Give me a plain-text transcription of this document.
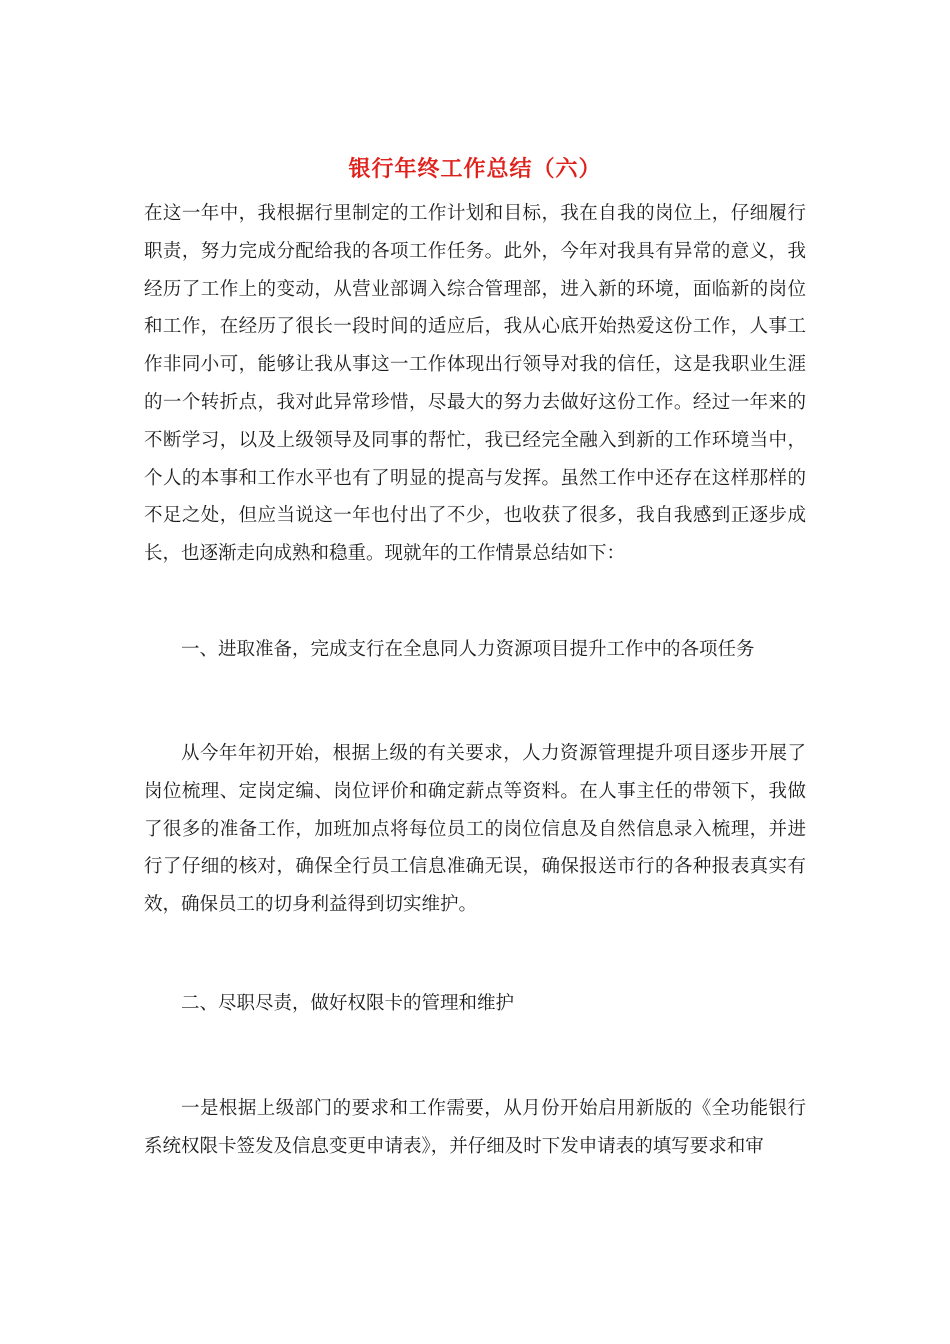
银行年终工作总结（六）

在这一年中，我根据行里制定的工作计划和目标，我在自我的岗位上，仔细履行职责，努力完成分配给我的各项工作任务。此外，今年对我具有异常的意义，我经历了工作上的变动，从营业部调入综合管理部，进入新的环境，面临新的岗位和工作，在经历了很长一段时间的适应后，我从心底开始热爱这份工作，人事工作非同小可，能够让我从事这一工作体现出行领导对我的信任，这是我职业生涯的一个转折点，我对此异常珍惜，尽最大的努力去做好这份工作。经过一年来的不断学习，以及上级领导及同事的帮忙，我已经完全融入到新的工作环境当中，个人的本事和工作水平也有了明显的提高与发挥。虽然工作中还存在这样那样的不足之处，但应当说这一年也付出了不少，也收获了很多，我自我感到正逐步成长，也逐渐走向成熟和稳重。现就年的工作情景总结如下：

一、进取准备，完成支行在全息同人力资源项目提升工作中的各项任务

从今年年初开始，根据上级的有关要求，人力资源管理提升项目逐步开展了岗位梳理、定岗定编、岗位评价和确定薪点等资料。在人事主任的带领下，我做了很多的准备工作，加班加点将每位员工的岗位信息及自然信息录入梳理，并进行了仔细的核对，确保全行员工信息准确无误，确保报送市行的各种报表真实有效，确保员工的切身利益得到切实维护。

二、尽职尽责，做好权限卡的管理和维护

一是根据上级部门的要求和工作需要，从月份开始启用新版的《全功能银行系统权限卡签发及信息变更申请表》，并仔细及时下发申请表的填写要求和审
